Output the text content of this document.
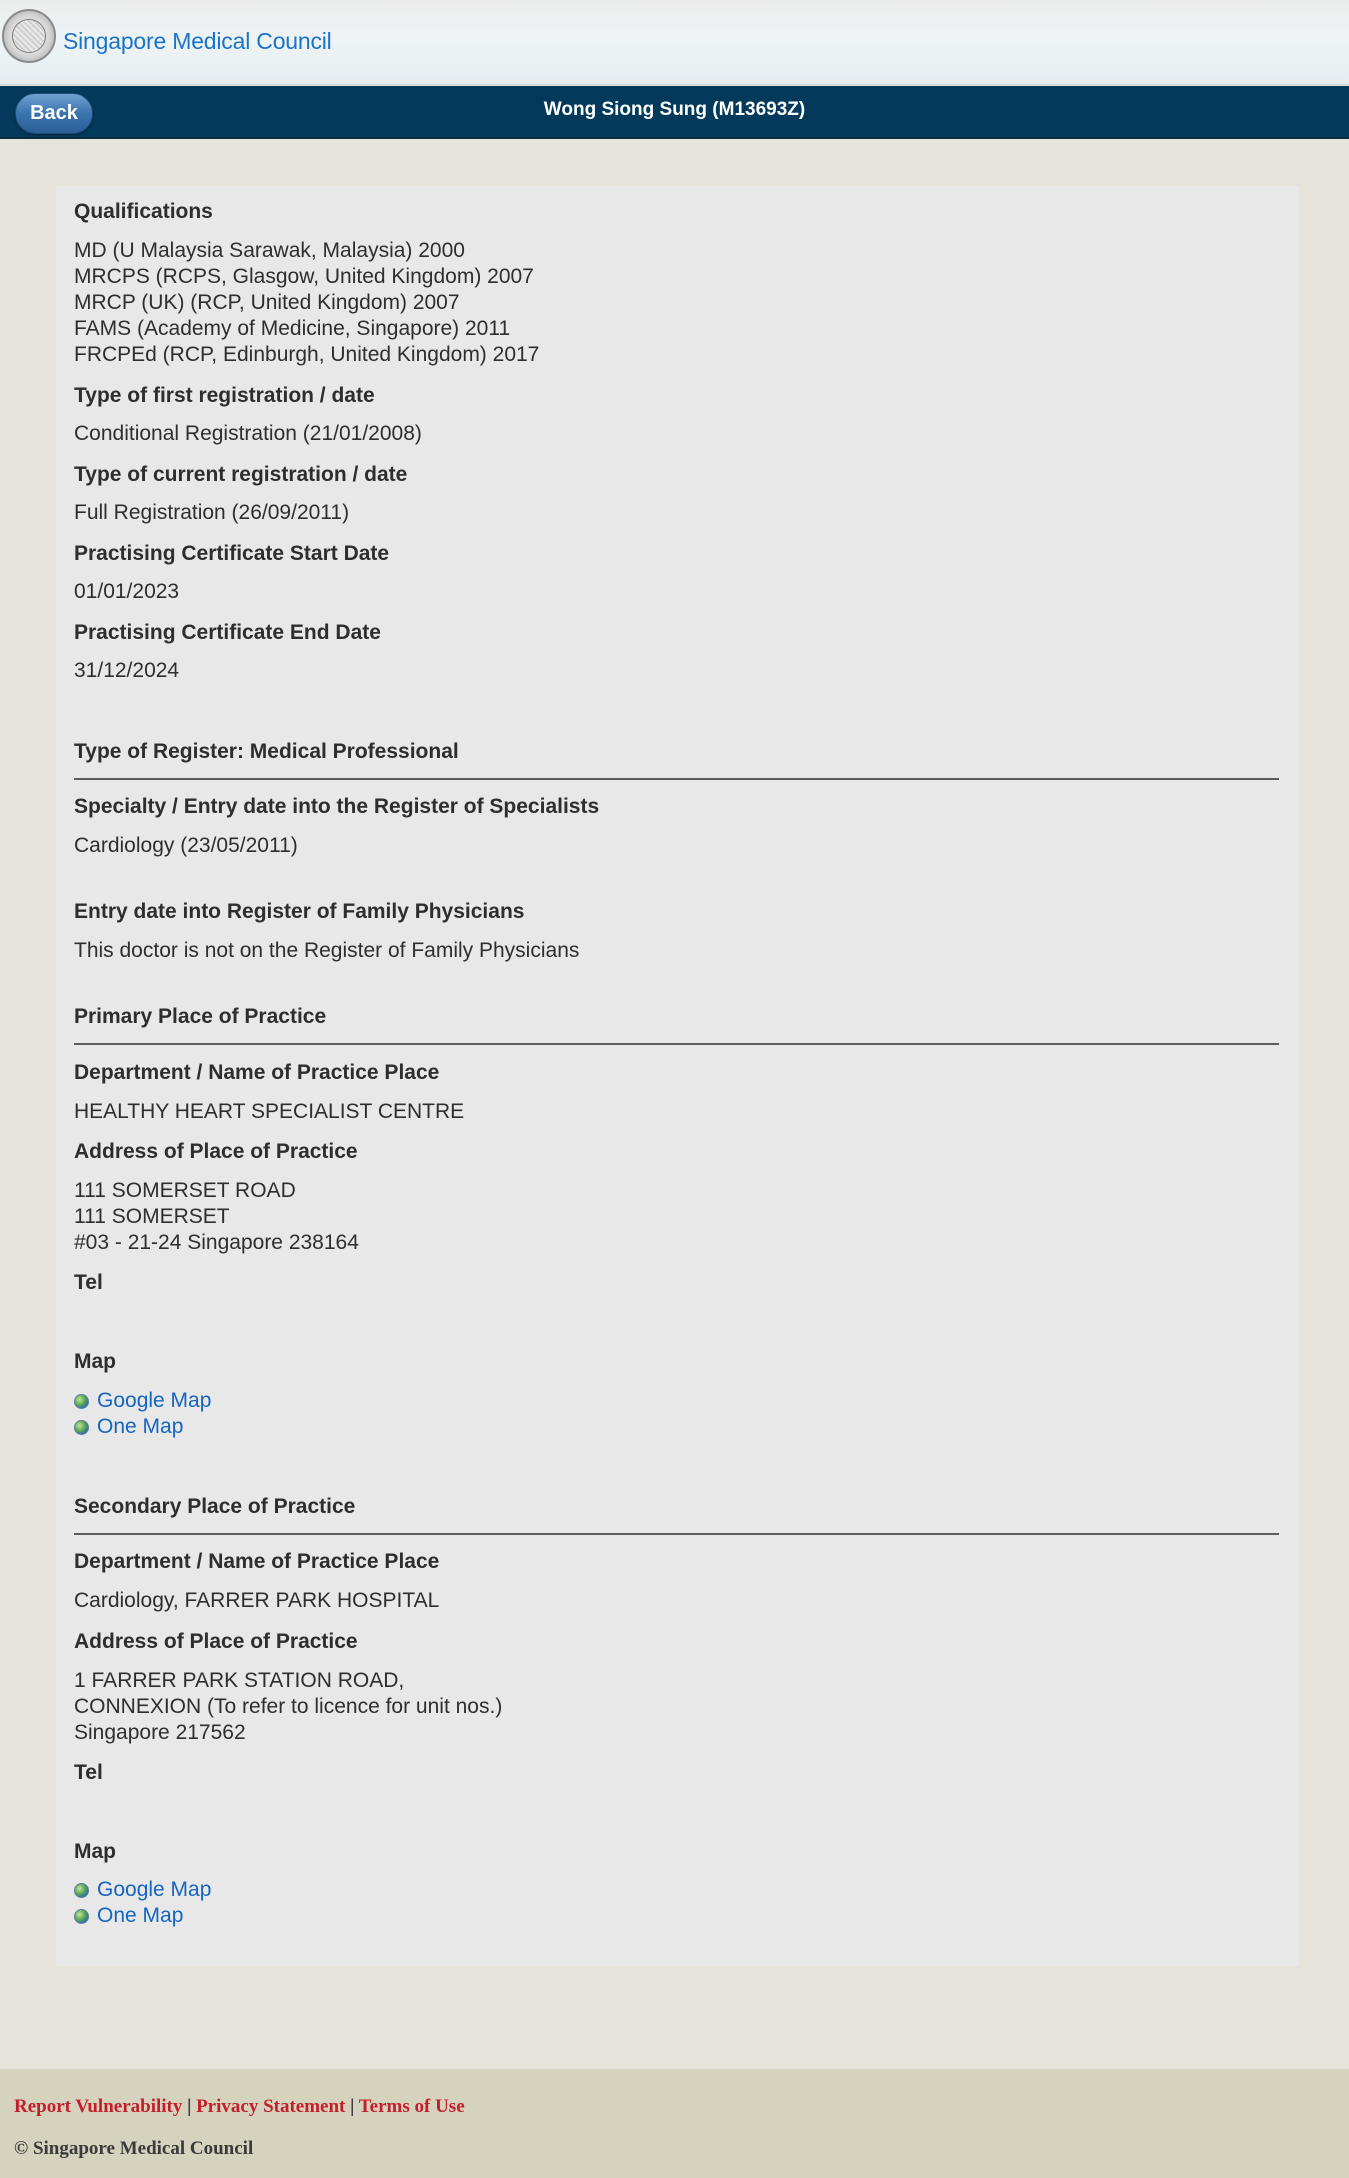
Singapore Medical Council
Wong Siong Sung (M13693Z)
Back
Qualifications
MD (U Malaysia Sarawak, Malaysia) 2000
MRCPS (RCPS, Glasgow, United Kingdom) 2007
MRCP (UK) (RCP, United Kingdom) 2007
FAMS (Academy of Medicine, Singapore) 2011
FRCPEd (RCP, Edinburgh, United Kingdom) 2017
Type of first registration / date
Conditional Registration (21/01/2008)
Type of current registration / date
Full Registration (26/09/2011)
Practising Certificate Start Date
01/01/2023
Practising Certificate End Date
31/12/2024
Type of Register: Medical Professional
Specialty / Entry date into the Register of Specialists
Cardiology (23/05/2011)
Entry date into Register of Family Physicians
This doctor is not on the Register of Family Physicians
Primary Place of Practice
Department / Name of Practice Place
HEALTHY HEART SPECIALIST CENTRE
Address of Place of Practice
111 SOMERSET ROAD
111 SOMERSET
#03 - 21-24 Singapore 238164
Tel
Map
Google Map
One Map
Secondary Place of Practice
Department / Name of Practice Place
Cardiology, FARRER PARK HOSPITAL
Address of Place of Practice
1 FARRER PARK STATION ROAD,
CONNEXION (To refer to licence for unit nos.)
Singapore 217562
Tel
Map
Google Map
One Map
Report Vulnerability | Privacy Statement | Terms of Use
© Singapore Medical Council
